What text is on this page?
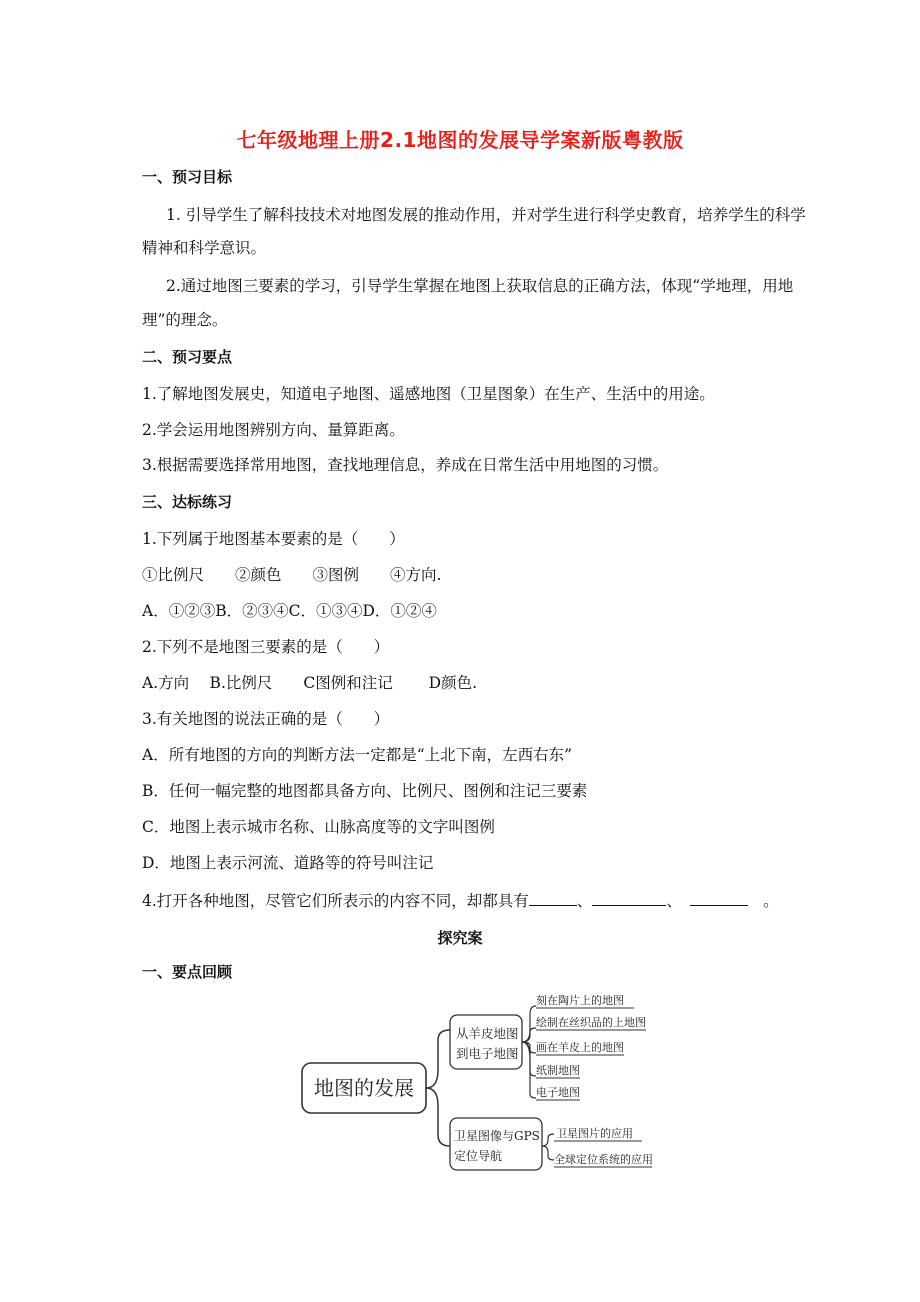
七年级地理上册2.1地图的发展导学案新版粤教版
一、预习目标
1. 引导学生了解科技技术对地图发展的推动作用，并对学生进行科学史教育，培养学生的科学
精神和科学意识。
2.通过地图三要素的学习，引导学生掌握在地图上获取信息的正确方法，体现“学地理，用地
理”的理念。
二、预习要点
1.了解地图发展史，知道电子地图、遥感地图（卫星图象）在生产、生活中的用途。
2.学会运用地图辨别方向、量算距离。
3.根据需要选择常用地图，查找地理信息，养成在日常生活中用地图的习惯。
三、达标练习
1.下列属于地图基本要素的是（　　）
①比例尺　　②颜色　　③图例　　④方向.
A．①②③B．②③④C．①③④D．①②④
2.下列不是地图三要素的是（　　）
A.方向　 B.比例尺　　C图例和注记　　 D颜色.
3.有关地图的说法正确的是（　　）
A．所有地图的方向的判断方法一定都是“上北下南，左西右东”
B．任何一幅完整的地图都具备方向、比例尺、图例和注记三要素
C．地图上表示城市名称、山脉高度等的文字叫图例
D．地图上表示河流、道路等的符号叫注记
4.打开各种地图，尽管它们所表示的内容不同，却都具有	、	、　　	。
探究案
一、要点回顾
地图的发展
从羊皮地图
到电子地图
刻在陶片上的地图
绘制在丝织品的上地图
画在羊皮上的地图
纸制地图
电子地图
卫星图像与GPS
定位导航
卫星图片的应用
全球定位系统的应用
